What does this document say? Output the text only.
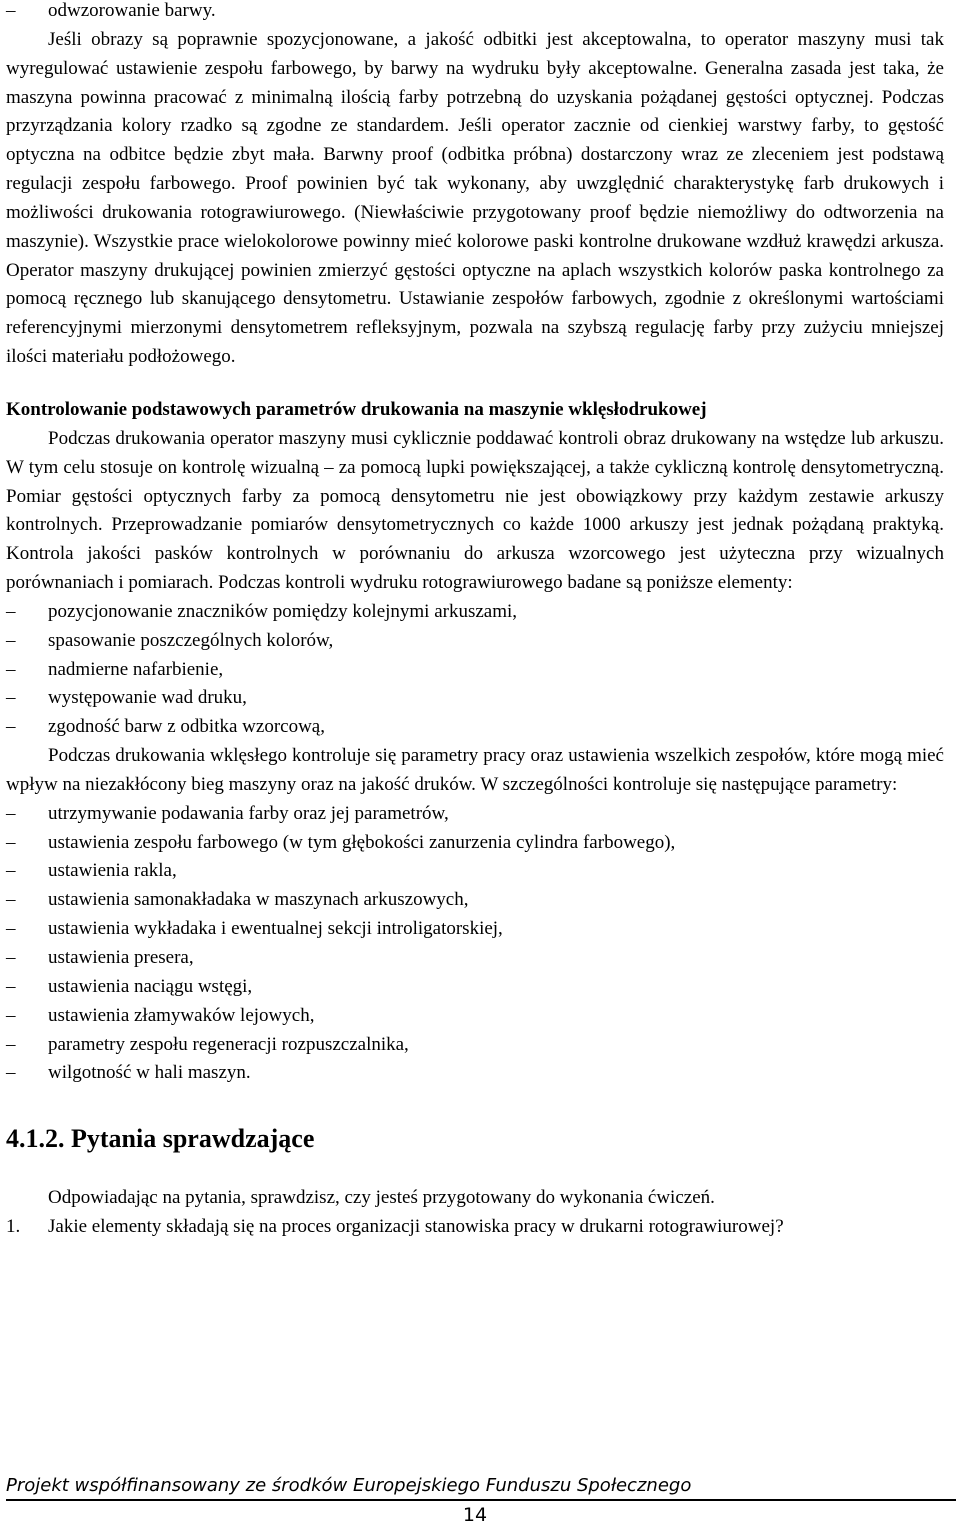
–	odwzorowanie barwy.

Jeśli obrazy są poprawnie spozycjonowane, a jakość odbitki jest akceptowalna, to operator maszyny musi tak wyregulować ustawienie zespołu farbowego, by barwy na wydruku były akceptowalne. Generalna zasada jest taka, że maszyna powinna pracować z minimalną ilością farby potrzebną do uzyskania pożądanej gęstości optycznej. Podczas przyrządzania kolory rzadko są zgodne ze standardem. Jeśli operator zacznie od cienkiej warstwy farby, to gęstość optyczna na odbitce będzie zbyt mała. Barwny proof (odbitka próbna) dostarczony wraz ze zleceniem jest podstawą regulacji zespołu farbowego. Proof powinien być tak wykonany, aby uwzględnić charakterystykę farb drukowych i możliwości drukowania rotograwiurowego. (Niewłaściwie przygotowany proof będzie niemożliwy do odtworzenia na maszynie). Wszystkie prace wielokolorowe powinny mieć kolorowe paski kontrolne drukowane wzdłuż krawędzi arkusza. Operator maszyny drukującej powinien zmierzyć gęstości optyczne na aplach wszystkich kolorów paska kontrolnego za pomocą ręcznego lub skanującego densytometru. Ustawianie zespołów farbowych, zgodnie z określonymi wartościami referencyjnymi mierzonymi densytometrem refleksyjnym, pozwala na szybszą regulację farby przy zużyciu mniejszej ilości materiału podłożowego.

Kontrolowanie podstawowych parametrów drukowania na maszynie wklęsłodrukowej

Podczas drukowania operator maszyny musi cyklicznie poddawać kontroli obraz drukowany na wstędze lub arkuszu. W tym celu stosuje on kontrolę wizualną – za pomocą lupki powiększającej, a także cykliczną kontrolę densytometryczną. Pomiar gęstości optycznych farby za pomocą densytometru nie jest obowiązkowy przy każdym zestawie arkuszy kontrolnych. Przeprowadzanie pomiarów densytometrycznych co każde 1000 arkuszy jest jednak pożądaną praktyką. Kontrola jakości pasków kontrolnych w porównaniu do arkusza wzorcowego jest użyteczna przy wizualnych porównaniach i pomiarach. Podczas kontroli wydruku rotograwiurowego badane są poniższe elementy:

–	pozycjonowanie znaczników pomiędzy kolejnymi arkuszami,
–	spasowanie poszczególnych kolorów,
–	nadmierne nafarbienie,
–	występowanie wad druku,
–	zgodność barw z odbitka wzorcową,

Podczas drukowania wklęsłego kontroluje się parametry pracy oraz ustawienia wszelkich zespołów, które mogą mieć wpływ na niezakłócony bieg maszyny oraz na jakość druków. W szczególności kontroluje się następujące parametry:

–	utrzymywanie podawania farby oraz jej parametrów,
–	ustawienia zespołu farbowego (w tym głębokości zanurzenia cylindra farbowego),
–	ustawienia rakla,
–	ustawienia samonakładaka w maszynach arkuszowych,
–	ustawienia wykładaka i ewentualnej sekcji introligatorskiej,
–	ustawienia presera,
–	ustawienia naciągu wstęgi,
–	ustawienia złamywaków lejowych,
–	parametry zespołu regeneracji rozpuszczalnika,
–	wilgotność w hali maszyn.
4.1.2. Pytania sprawdzające
Odpowiadając na pytania, sprawdzisz, czy jesteś przygotowany do wykonania ćwiczeń.
1.	Jakie elementy składają się na proces organizacji stanowiska pracy w drukarni rotograwiurowej?
Projekt współfinansowany ze środków Europejskiego Funduszu Społecznego
14
